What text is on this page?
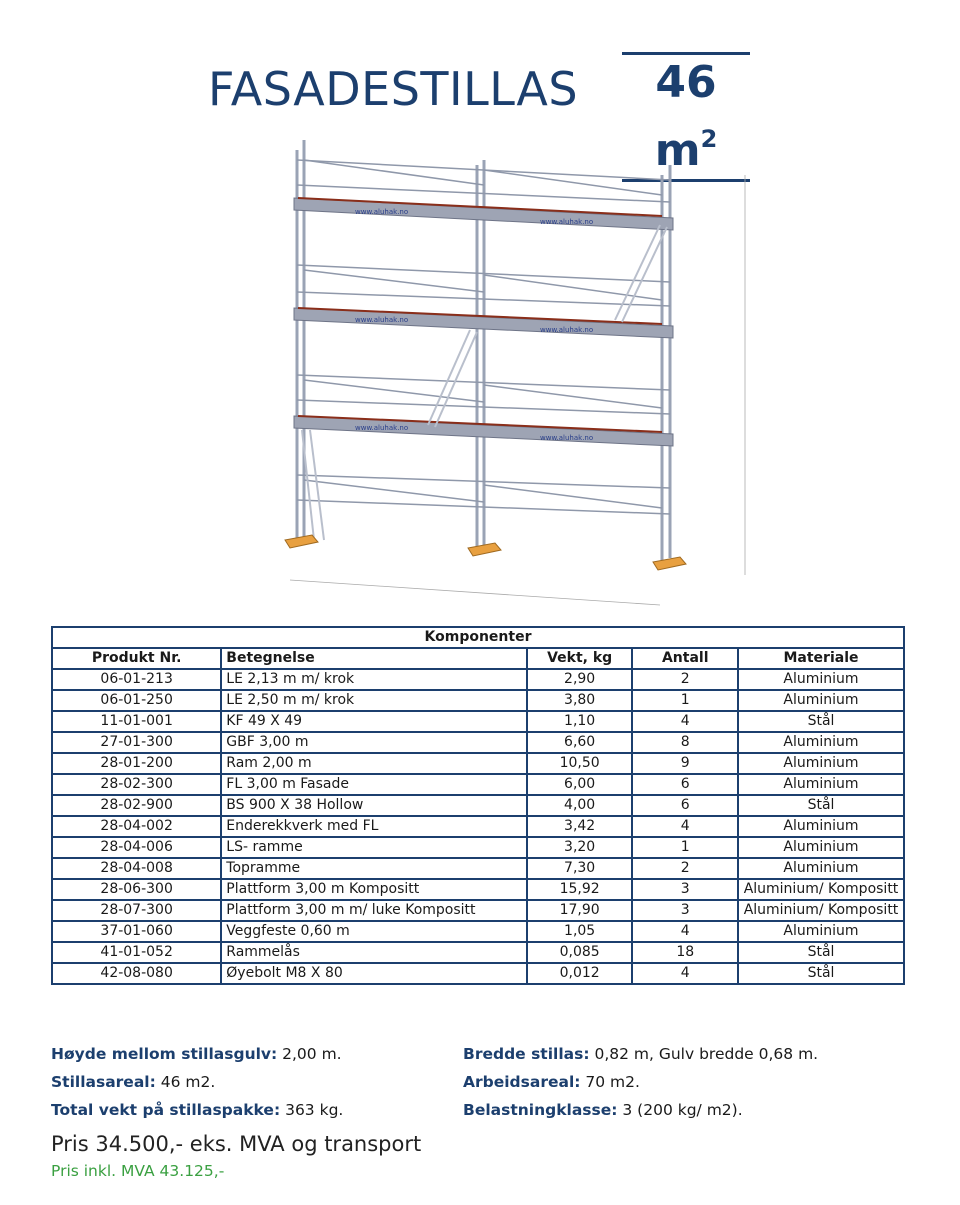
FASADESTILLAS	46 $m^2$
www.aluhak.no
www.aluhak.no
www.aluhak.no
www.aluhak.no
www.aluhak.no
www.aluhak.no
Komponenter				
Produkt Nr.	Betegnelse	Vekt, kg	Antall	Materiale
06-01-213	LE 2,13 m m/ krok	2,90	2	Aluminium
06-01-250	LE 2,50 m m/ krok	3,80	1	Aluminium
11-01-001	KF 49 X 49	1,10	4	Stål
27-01-300	GBF 3,00 m	6,60	8	Aluminium
28-01-200	Ram 2,00 m	10,50	9	Aluminium
28-02-300	FL 3,00 m Fasade	6,00	6	Aluminium
28-02-900	BS 900 X 38 Hollow	4,00	6	Stål
28-04-002	Enderekkverk med FL	3,42	4	Aluminium
28-04-006	LS- ramme	3,20	1	Aluminium
28-04-008	Topramme	7,30	2	Aluminium
28-06-300	Plattform 3,00 m Kompositt	15,92	3	Aluminium/ Kompositt
28-07-300	Plattform 3,00 m m/ luke Kompositt	17,90	3	Aluminium/ Kompositt
37-01-060	Veggfeste 0,60 m	1,05	4	Aluminium
41-01-052	Rammelås	0,085	18	Stål
42-08-080	Øyebolt M8 X 80	0,012	4	Stål
Høyde mellom stillasgulv: 2,00 m.
Stillasareal: 46 m2.
Total vekt på stillaspakke: 363 kg.
Bredde stillas: 0,82 m, Gulv bredde 0,68 m.
Arbeidsareal: 70 m2.
Belastningklasse: 3 (200 kg/ m2).
Pris 34.500,- eks. MVA og transport
Pris inkl. MVA 43.125,-
